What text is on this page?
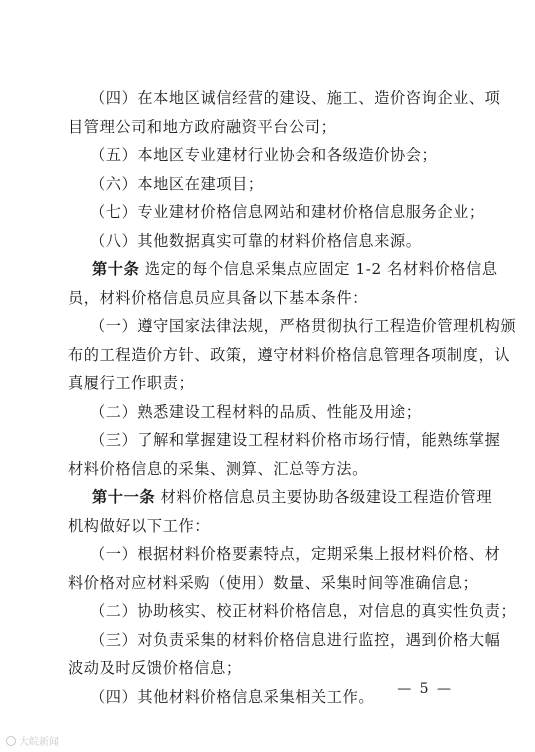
（四）在本地区诚信经营的建设、施工、造价咨询企业、项
目管理公司和地方政府融资平台公司；
（五）本地区专业建材行业协会和各级造价协会；
（六）本地区在建项目；
（七）专业建材价格信息网站和建材价格信息服务企业；
（八）其他数据真实可靠的材料价格信息来源。
第十条 选定的每个信息采集点应固定 1-2 名材料价格信息
员，材料价格信息员应具备以下基本条件：
（一）遵守国家法律法规，严格贯彻执行工程造价管理机构颁
布的工程造价方针、政策，遵守材料价格信息管理各项制度，认
真履行工作职责；
（二）熟悉建设工程材料的品质、性能及用途；
（三）了解和掌握建设工程材料价格市场行情，能熟练掌握
材料价格信息的采集、测算、汇总等方法。
第十一条 材料价格信息员主要协助各级建设工程造价管理
机构做好以下工作：
（一）根据材料价格要素特点，定期采集上报材料价格、材
料价格对应材料采购（使用）数量、采集时间等准确信息；
（二）协助核实、校正材料价格信息，对信息的真实性负责；
（三）对负责采集的材料价格信息进行监控，遇到价格大幅
波动及时反馈价格信息；
（四）其他材料价格信息采集相关工作。 — 5 —
大皖新闻
